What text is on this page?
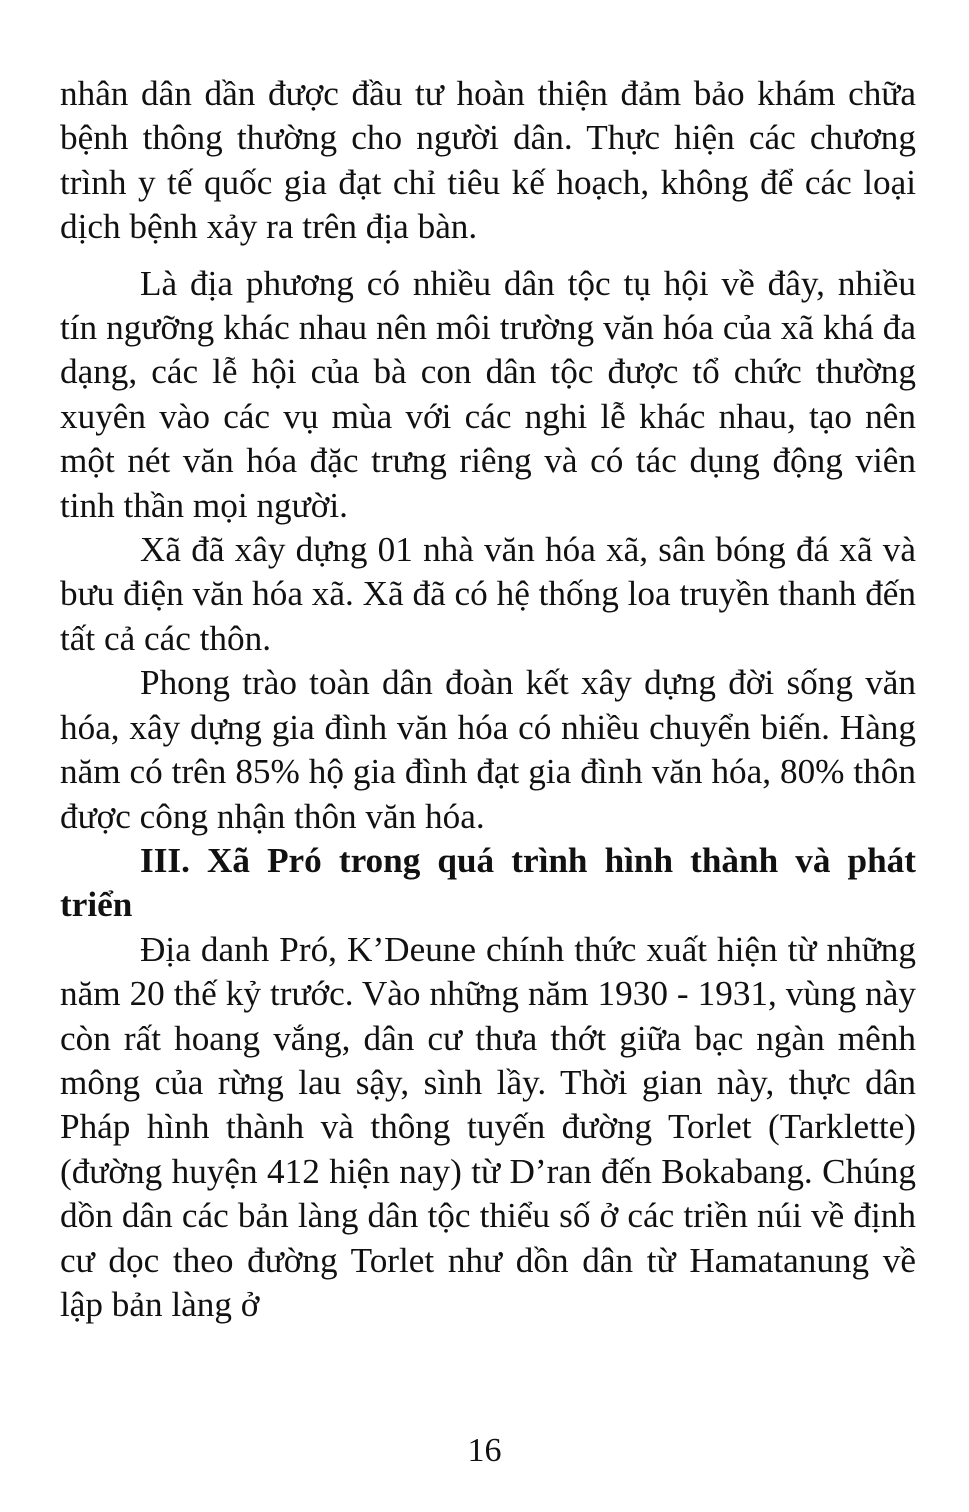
nhân dân dần được đầu tư hoàn thiện đảm bảo khám chữa bệnh thông thường cho người dân. Thực hiện các chương trình y tế quốc gia đạt chỉ tiêu kế hoạch, không để các loại dịch bệnh xảy ra trên địa bàn.

Là địa phương có nhiều dân tộc tụ hội về đây, nhiều tín ngưỡng khác nhau nên môi trường văn hóa của xã khá đa dạng, các lễ hội của bà con dân tộc được tổ chức thường xuyên vào các vụ mùa với các nghi lễ khác nhau, tạo nên một nét văn hóa đặc trưng riêng và có tác dụng động viên tinh thần mọi người.

Xã đã xây dựng 01 nhà văn hóa xã, sân bóng đá xã và bưu điện văn hóa xã. Xã đã có hệ thống loa truyền thanh đến tất cả các thôn.

Phong trào toàn dân đoàn kết xây dựng đời sống văn hóa, xây dựng gia đình văn hóa có nhiều chuyển biến. Hàng năm có trên 85% hộ gia đình đạt gia đình văn hóa, 80% thôn được công nhận thôn văn hóa.

III. Xã Pró trong quá trình hình thành và phát triển

Địa danh Pró, K’Deune chính thức xuất hiện từ những năm 20 thế kỷ trước. Vào những năm 1930 - 1931, vùng này còn rất hoang vắng, dân cư thưa thớt giữa bạc ngàn mênh mông của rừng lau sậy, sình lầy. Thời gian này, thực dân Pháp hình thành và thông tuyến đường Torlet (Tarklette) (đường huyện 412 hiện nay) từ D’ran đến Bokabang. Chúng dồn dân các bản làng dân tộc thiểu số ở các triền núi về định cư dọc theo đường Torlet như dồn dân từ Hamatanung về lập bản làng ở

16
